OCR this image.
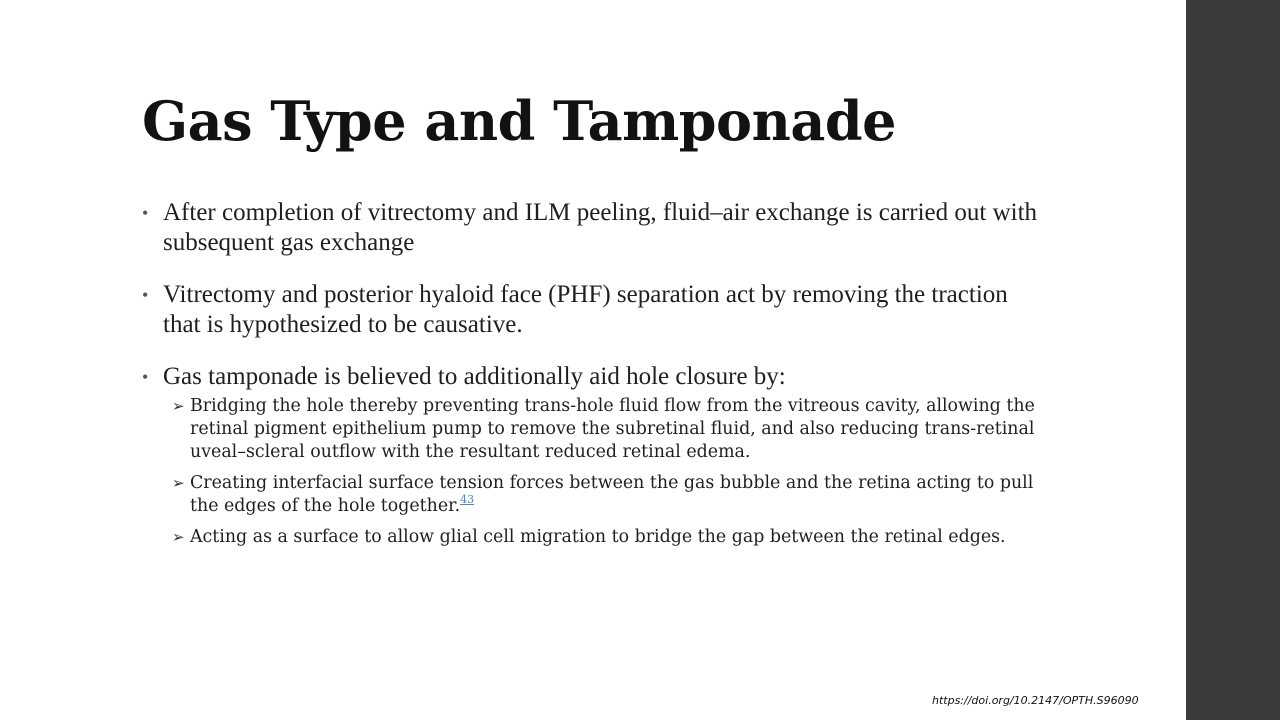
Gas Type and Tamponade
• After completion of vitrectomy and ILM peeling, fluid–air exchange is carried out with subsequent gas exchange
• Vitrectomy and posterior hyaloid face (PHF) separation act by removing the traction that is hypothesized to be causative.
• Gas tamponade is believed to additionally aid hole closure by:
➢ Bridging the hole thereby preventing trans-hole fluid flow from the vitreous cavity, allowing the retinal pigment epithelium pump to remove the subretinal fluid, and also reducing trans-retinal uveal–scleral outflow with the resultant reduced retinal edema.
➢ Creating interfacial surface tension forces between the gas bubble and the retina acting to pull the edges of the hole together.$^{43}$
➢ Acting as a surface to allow glial cell migration to bridge the gap between the retinal edges.
https://doi.org/10.2147/OPTH.S96090
